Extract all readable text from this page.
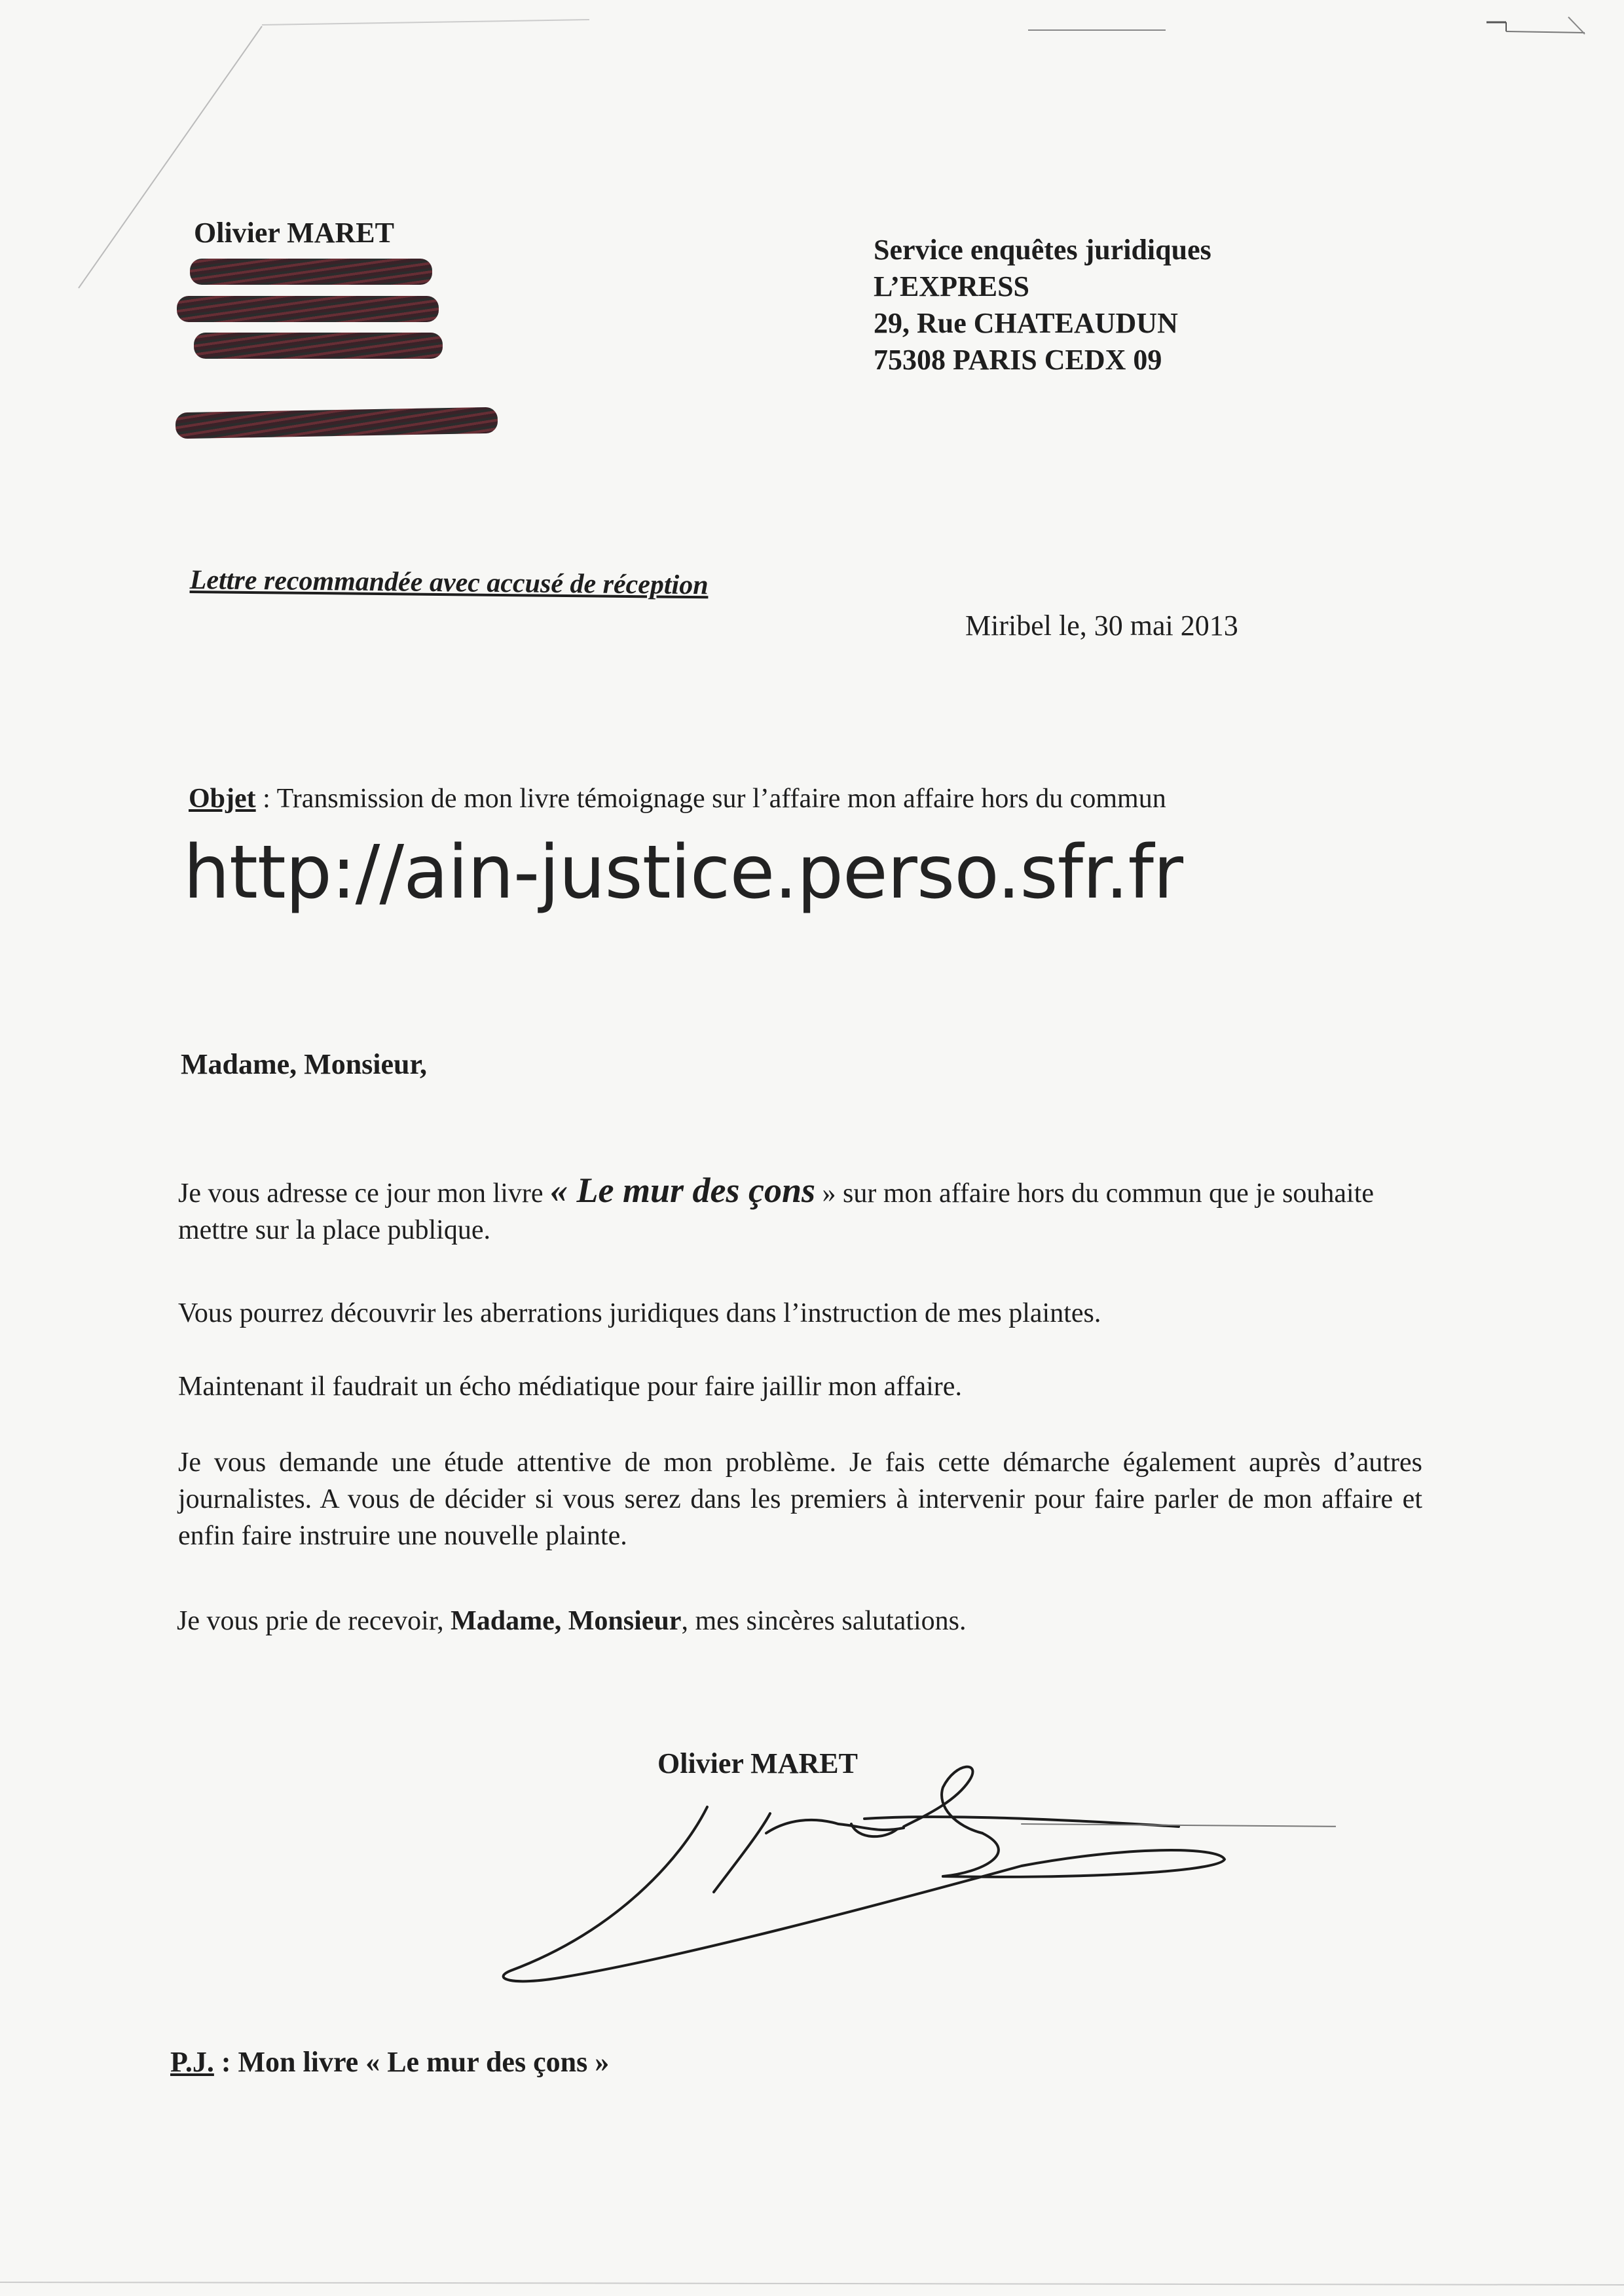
Olivier MARET
Service enquêtes juridiques
L’EXPRESS
29, Rue CHATEAUDUN
75308 PARIS CEDX 09
Lettre recommandée avec accusé de réception
Miribel le, 30 mai 2013
Objet : Transmission de mon livre témoignage sur l’affaire mon affaire hors du commun
http://ain-justice.perso.sfr.fr
Madame, Monsieur,
Je vous adresse ce jour mon livre « Le mur des çons » sur mon affaire hors du commun que je souhaite mettre sur la place publique.
Vous pourrez découvrir les aberrations juridiques dans l’instruction de mes plaintes.
Maintenant il faudrait un écho médiatique pour faire jaillir mon affaire.
Je vous demande une étude attentive de mon problème. Je fais cette démarche également auprès d’autres journalistes. A vous de décider si vous serez dans les premiers à intervenir pour faire parler de mon affaire et enfin faire instruire une nouvelle plainte.
Je vous prie de recevoir, Madame, Monsieur, mes sincères salutations.
Olivier MARET
P.J. : Mon livre « Le mur des çons »
